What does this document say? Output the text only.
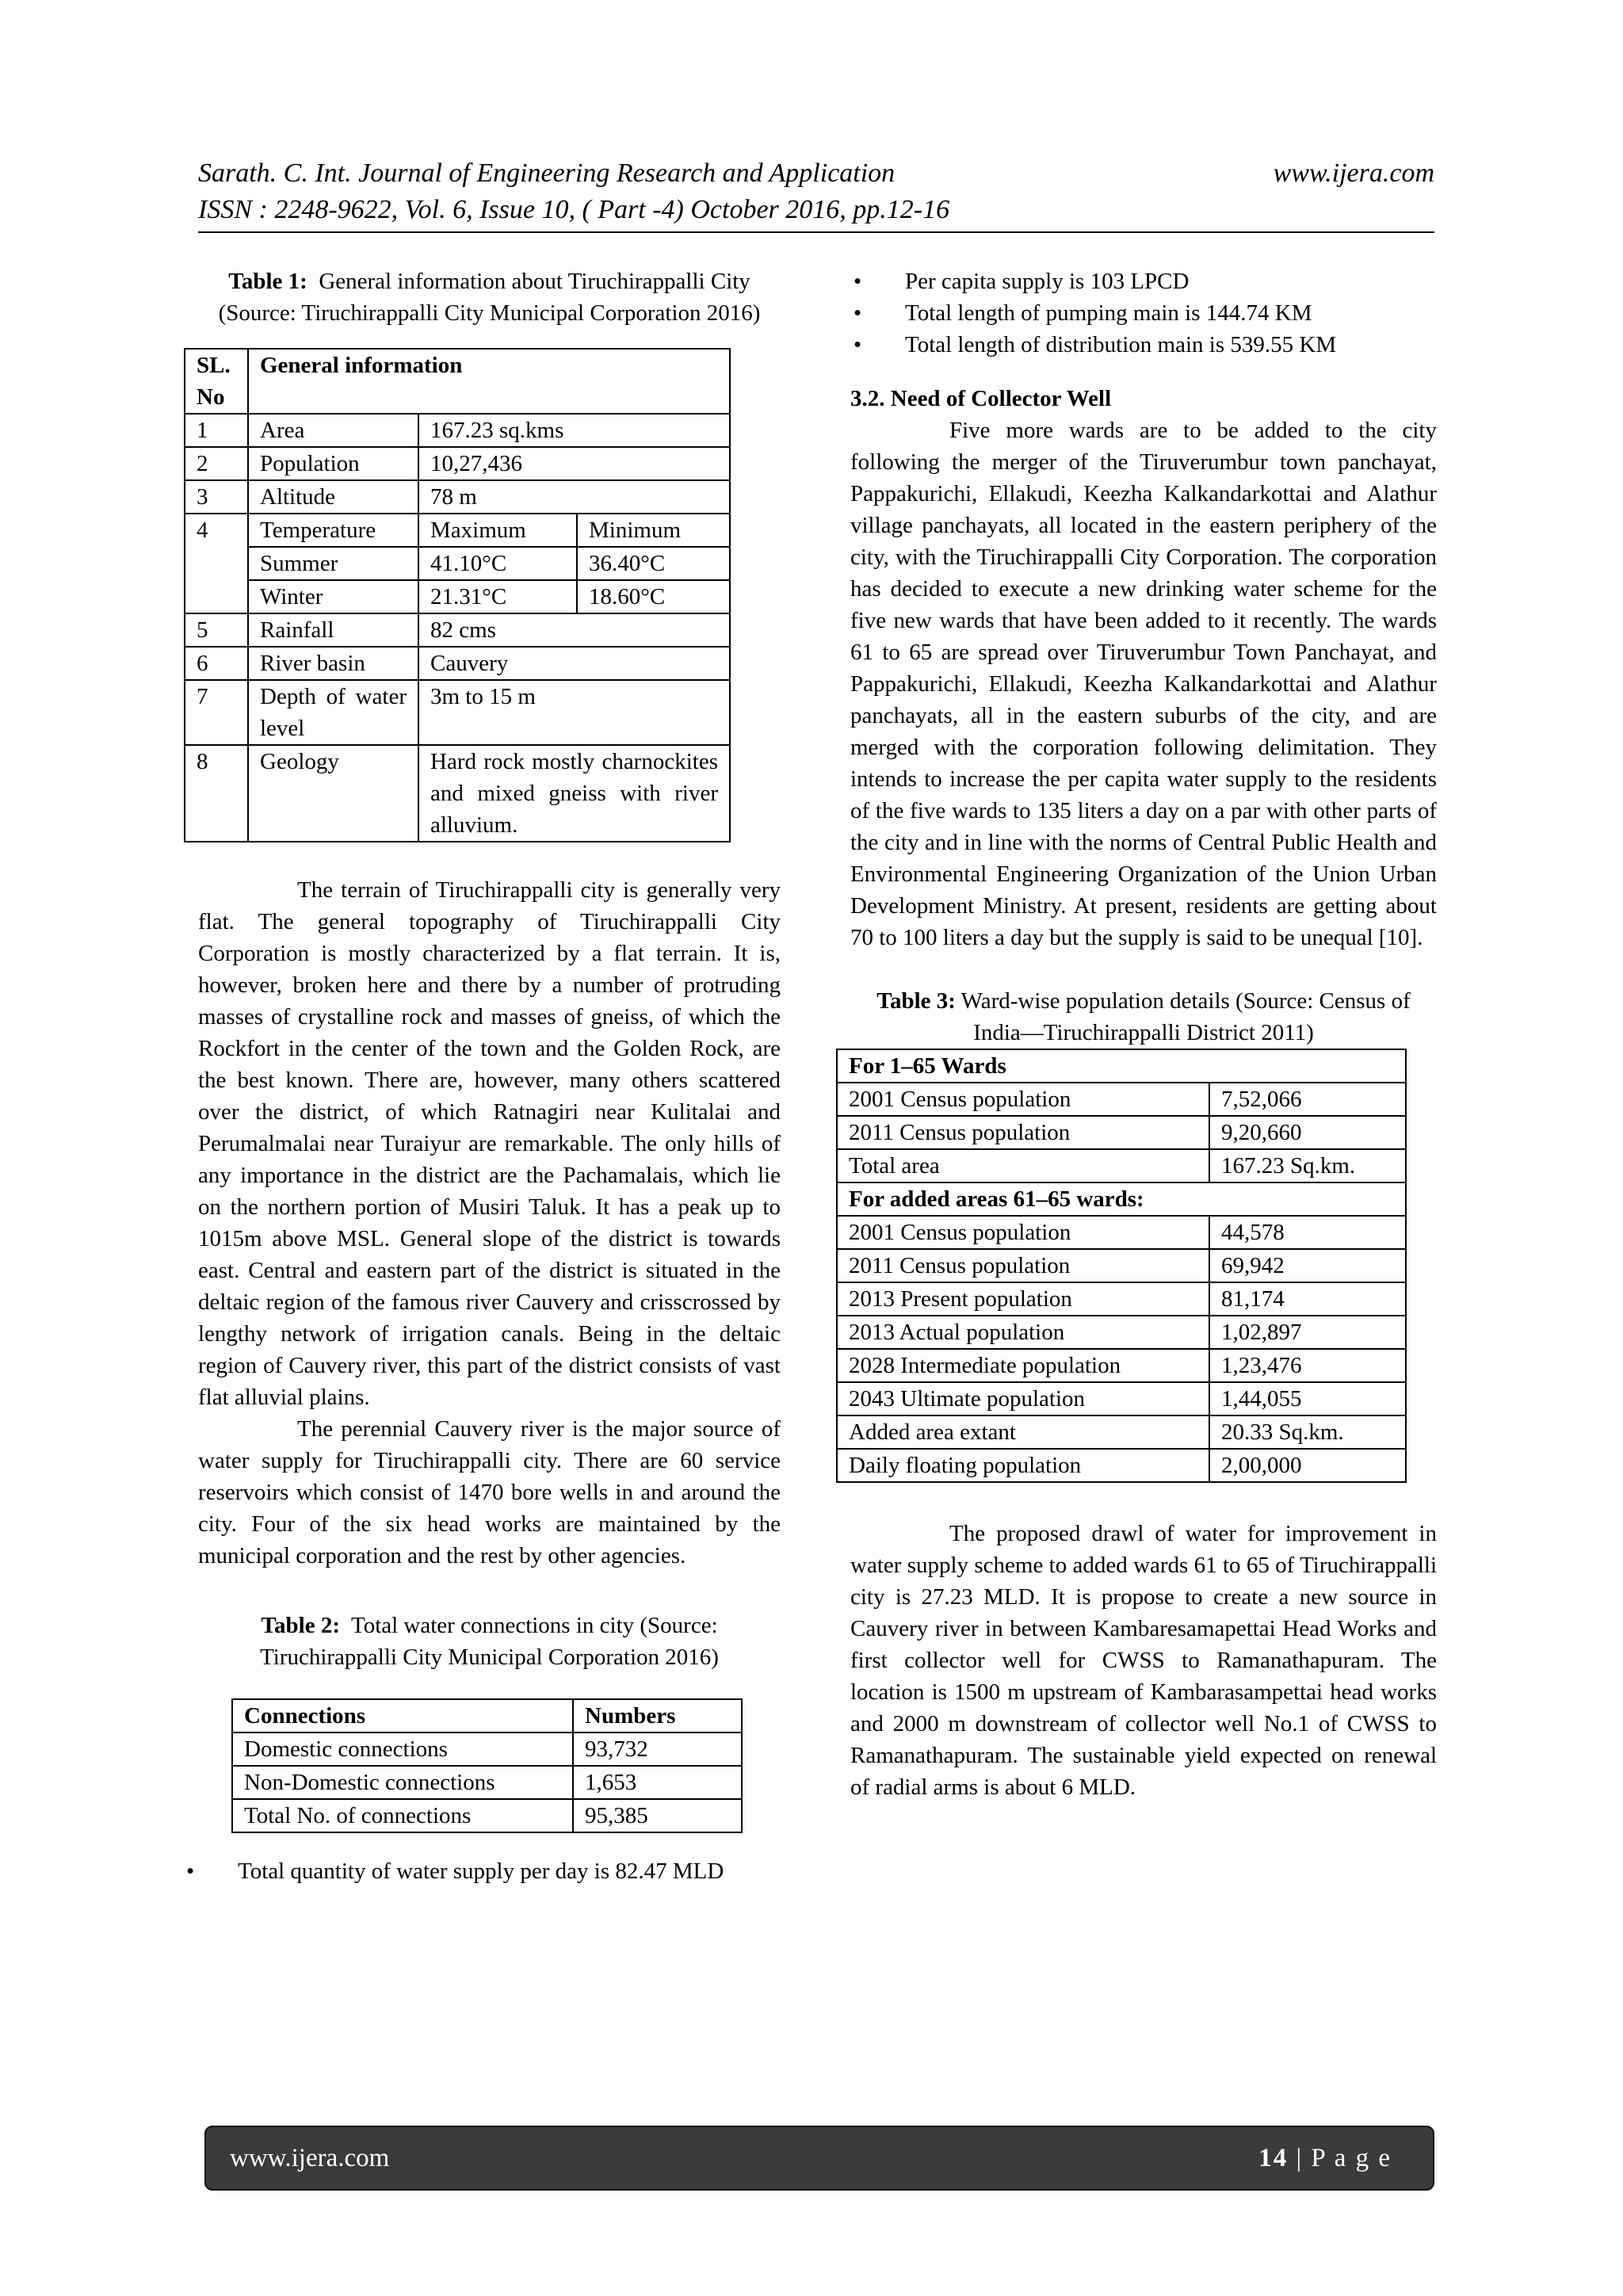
Sarath. C. Int. Journal of Engineering Research and Application	www.ijera.com
ISSN : 2248-9622, Vol. 6, Issue 10, ( Part -4) October 2016, pp.12-16
Table 1: General information about Tiruchirappalli City (Source: Tiruchirappalli City Municipal Corporation 2016)
SL. No	General information		
1	Area	167.23 sq.kms	
2	Population	10,27,436	
3	Altitude	78 m	
4	Temperature	Maximum	Minimum
	Summer	41.10°C	36.40°C
	Winter	21.31°C	18.60°C
5	Rainfall	82 cms	
6	River basin	Cauvery	
7	Depth of water level	3m to 15 m	
8	Geology	Hard rock mostly charnockites and mixed gneiss with river alluvium.	

The terrain of Tiruchirappalli city is generally very flat. The general topography of Tiruchirappalli City Corporation is mostly characterized by a flat terrain. It is, however, broken here and there by a number of protruding masses of crystalline rock and masses of gneiss, of which the Rockfort in the center of the town and the Golden Rock, are the best known. There are, however, many others scattered over the district, of which Ratnagiri near Kulitalai and Perumalmalai near Turaiyur are remarkable. The only hills of any importance in the district are the Pachamalais, which lie on the northern portion of Musiri Taluk. It has a peak up to 1015m above MSL. General slope of the district is towards east. Central and eastern part of the district is situated in the deltaic region of the famous river Cauvery and crisscrossed by lengthy network of irrigation canals. Being in the deltaic region of Cauvery river, this part of the district consists of vast flat alluvial plains.

The perennial Cauvery river is the major source of water supply for Tiruchirappalli city. There are 60 service reservoirs which consist of 1470 bore wells in and around the city. Four of the six head works are maintained by the municipal corporation and the rest by other agencies.

Table 2: Total water connections in city (Source: Tiruchirappalli City Municipal Corporation 2016)
Connections	Numbers
Domestic connections	93,732
Non-Domestic connections	1,653
Total No. of connections	95,385
• Total quantity of water supply per day is 82.47 MLD
• Per capita supply is 103 LPCD
• Total length of pumping main is 144.74 KM
• Total length of distribution main is 539.55 KM

3.2. Need of Collector Well

Five more wards are to be added to the city following the merger of the Tiruverumbur town panchayat, Pappakurichi, Ellakudi, Keezha Kalkandarkottai and Alathur village panchayats, all located in the eastern periphery of the city, with the Tiruchirappalli City Corporation. The corporation has decided to execute a new drinking water scheme for the five new wards that have been added to it recently. The wards 61 to 65 are spread over Tiruverumbur Town Panchayat, and Pappakurichi, Ellakudi, Keezha Kalkandarkottai and Alathur panchayats, all in the eastern suburbs of the city, and are merged with the corporation following delimitation. They intends to increase the per capita water supply to the residents of the five wards to 135 liters a day on a par with other parts of the city and in line with the norms of Central Public Health and Environmental Engineering Organization of the Union Urban Development Ministry. At present, residents are getting about 70 to 100 liters a day but the supply is said to be unequal [10].

Table 3: Ward-wise population details (Source: Census of India—Tiruchirappalli District 2011)
For 1–65 Wards	
2001 Census population	7,52,066
2011 Census population	9,20,660
Total area	167.23 Sq.km.
For added areas 61–65 wards:	
2001 Census population	44,578
2011 Census population	69,942
2013 Present population	81,174
2013 Actual population	1,02,897
2028 Intermediate population	1,23,476
2043 Ultimate population	1,44,055
Added area extant	20.33 Sq.km.
Daily floating population	2,00,000

The proposed drawl of water for improvement in water supply scheme to added wards 61 to 65 of Tiruchirappalli city is 27.23 MLD. It is propose to create a new source in Cauvery river in between Kambaresamapettai Head Works and first collector well for CWSS to Ramanathapuram. The location is 1500 m upstream of Kambarasampettai head works and 2000 m downstream of collector well No.1 of CWSS to Ramanathapuram. The sustainable yield expected on renewal of radial arms is about 6 MLD.

www.ijera.com	14 | P a g e
